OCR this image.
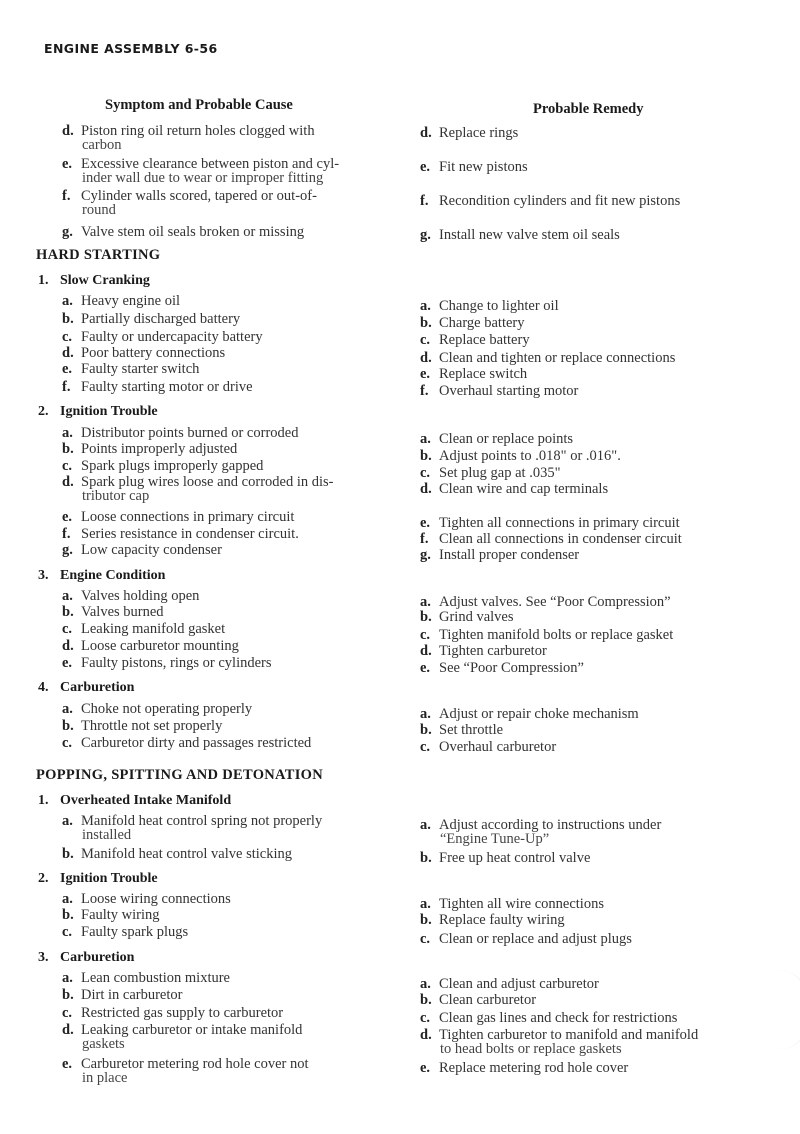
ENGINE ASSEMBLY 6-56
Symptom and Probable Cause	Probable Remedy
d. Piston ring oil return holes clogged with
carbon
e. Excessive clearance between piston and cyl-
inder wall due to wear or improper fitting
f. Cylinder walls scored, tapered or out-of-
round
g. Valve stem oil seals broken or missing
d. Replace rings
e. Fit new pistons
f. Recondition cylinders and fit new pistons
g. Install new valve stem oil seals
HARD STARTING
1. Slow Cranking
a. Heavy engine oil
b. Partially discharged battery
c. Faulty or undercapacity battery
d. Poor battery connections
e. Faulty starter switch
f. Faulty starting motor or drive
a. Change to lighter oil
b. Charge battery
c. Replace battery
d. Clean and tighten or replace connections
e. Replace switch
f. Overhaul starting motor
2. Ignition Trouble
a. Distributor points burned or corroded
b. Points improperly adjusted
c. Spark plugs improperly gapped
d. Spark plug wires loose and corroded in dis-
tributor cap
e. Loose connections in primary circuit
f. Series resistance in condenser circuit.
g. Low capacity condenser
a. Clean or replace points
b. Adjust points to .018" or .016".
c. Set plug gap at .035"
d. Clean wire and cap terminals
e. Tighten all connections in primary circuit
f. Clean all connections in condenser circuit
g. Install proper condenser
3. Engine Condition
a. Valves holding open
b. Valves burned
c. Leaking manifold gasket
d. Loose carburetor mounting
e. Faulty pistons, rings or cylinders
a. Adjust valves. See “Poor Compression”
b. Grind valves
c. Tighten manifold bolts or replace gasket
d. Tighten carburetor
e. See “Poor Compression”
4. Carburetion
a. Choke not operating properly
b. Throttle not set properly
c. Carburetor dirty and passages restricted
a. Adjust or repair choke mechanism
b. Set throttle
c. Overhaul carburetor
POPPING, SPITTING AND DETONATION
1. Overheated Intake Manifold
a. Manifold heat control spring not properly
installed
b. Manifold heat control valve sticking
a. Adjust according to instructions under
“Engine Tune-Up”
b. Free up heat control valve
2. Ignition Trouble
a. Loose wiring connections
b. Faulty wiring
c. Faulty spark plugs
a. Tighten all wire connections
b. Replace faulty wiring
c. Clean or replace and adjust plugs
3. Carburetion
a. Lean combustion mixture
b. Dirt in carburetor
c. Restricted gas supply to carburetor
d. Leaking carburetor or intake manifold
gaskets
e. Carburetor metering rod hole cover not
in place
a. Clean and adjust carburetor
b. Clean carburetor
c. Clean gas lines and check for restrictions
d. Tighten carburetor to manifold and manifold
to head bolts or replace gaskets
e. Replace metering rod hole cover
